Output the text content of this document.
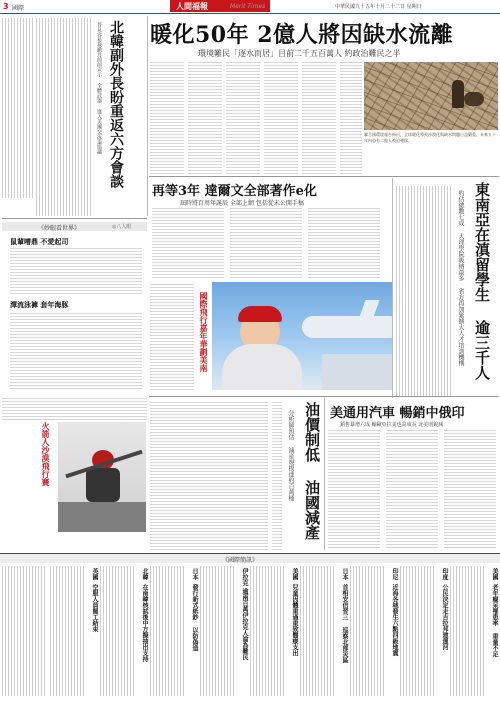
3 國際	人間福報	Merit Times	中華民國九十五年十月二十二日 星期日
晉見容易裁撤月前前宣示 全體武器 進入美國交流道協議 北韓副外長盼重返六方會談 暖化50年 2億人將因缺水流離
環境難民「逐水而居」目前二千五百萬人 約政治難民之半
聯合國環境報告指出，全球暖化導致沙漠化與缺水問題日益嚴重，未來五十年內恐有二億人被迫遷移。
再等3年 達爾文全部著作e化
屆時將百周年誕辰 全部上網 包括從未公開手稿	東南亞在滇留學生 逾三千人
約佔總數七成 大理學院吸納最多 省方再加緊擴大人才培訓機構
《妙眼看世界》	◎八人眼
鼠輩嘈鼎 不愛起司
潭流泳褲 套年海豚	國際飛行嘉年華劃美南
火箭人沙漠飛行賽	油價制低 油國減產
分析師預估 減產規模達約百萬桶	美通用汽車 暢銷中俄印
銷售暴增六成 輸歐亞拉美也高成長 北美則銳減
《國際簡訊》
美國
老年癡呆罹患率 重量不足
印度
公民決定走吉拉邦建運河
印尼
近海各城發生六點四級地震
日本
首相安倍晉三 巡察北部災區
美國
兒童因體重過重致醫療支出
伊拉克
逾兩百萬伊拉克人淪為難民
日本
發行新式紙鈔 以防偽造
北韓
在南韓核試後中方擬抽出支持
英國
空服人員罷工結束
